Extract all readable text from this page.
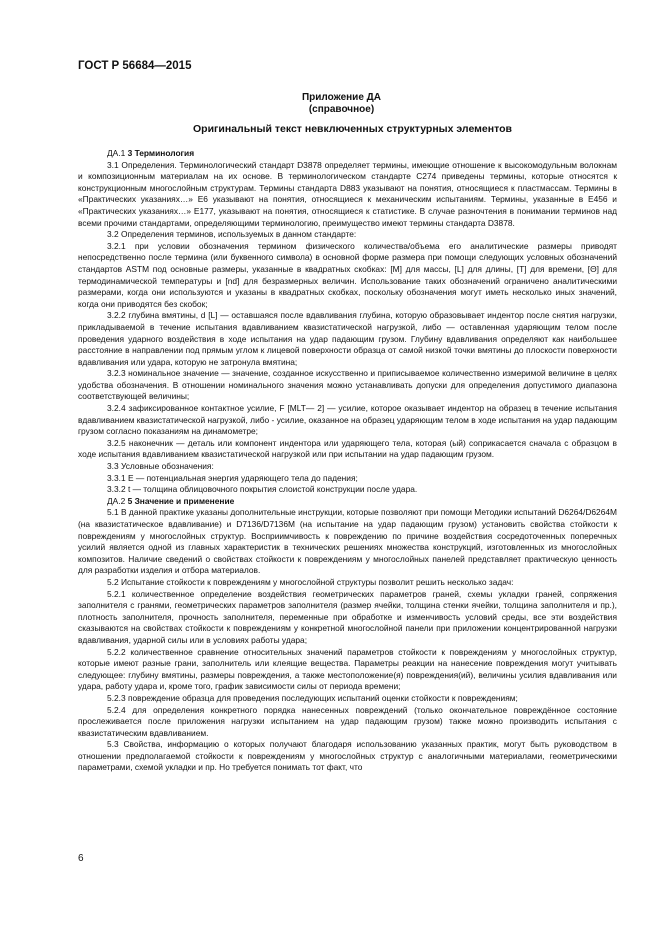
ГОСТ Р 56684—2015
Приложение ДА
(справочное)
Оригинальный текст невключенных структурных элементов

ДА.1 3 Терминология

3.1 Определения. Терминологический стандарт D3878 определяет термины, имеющие отношение к высокомодульным волокнам и композиционным материалам на их основе. В терминологическом стандарте C274 приведены термины, которые относятся к конструкционным многослойным структурам. Термины стандарта D883 указывают на понятия, относящиеся к пластмассам. Термины в «Практических указаниях…» E6 указывают на понятия, относящиеся к механическим испытаниям. Термины, указанные в E456 и «Практических указаниях…» E177, указывают на понятия, относящиеся к статистике. В случае разночтения в понимании терминов над всеми прочими стандартами, определяющими терминологию, преимущество имеют термины стандарта D3878.

3.2 Определения терминов, используемых в данном стандарте:

3.2.1 при условии обозначения термином физического количества/объема его аналитические размеры приводят непосредственно после термина (или буквенного символа) в основной форме размера при помощи следующих условных обозначений стандартов ASTM под основные размеры, указанные в квадратных скобках: [M] для массы, [L] для длины, [T] для времени, [Θ] для термодинамической температуры и [nd] для безразмерных величин. Использование таких обозначений ограничено аналитическими размерами, когда они используются и указаны в квадратных скобках, поскольку обозначения могут иметь несколько иных значений, когда они приводятся без скобок;

3.2.2 глубина вмятины, d [L] — оставшаяся после вдавливания глубина, которую образовывает индентор после снятия нагрузки, прикладываемой в течение испытания вдавливанием квазистатической нагрузкой, либо — оставленная ударяющим телом после проведения ударного воздействия в ходе испытания на удар падающим грузом. Глубину вдавливания определяют как наибольшее расстояние в направлении под прямым углом к лицевой поверхности образца от самой низкой точки вмятины до плоскости поверхности вдавливания или удара, которую не затронула вмятина;

3.2.3 номинальное значение — значение, созданное искусственно и приписываемое количественно измеримой величине в целях удобства обозначения. В отношении номинального значения можно устанавливать допуски для определения допустимого диапазона соответствующей величины;

3.2.4 зафиксированное контактное усилие, F [MLT— 2] — усилие, которое оказывает индентор на образец в течение испытания вдавливанием квазистатической нагрузкой, либо - усилие, оказанное на образец ударяющим телом в ходе испытания на удар падающим грузом согласно показаниям на динамометре;

3.2.5 наконечник — деталь или компонент индентора или ударяющего тела, которая (ый) соприкасается сначала с образцом в ходе испытания вдавливанием квазистатической нагрузкой или при испытании на удар падающим грузом.

3.3 Условные обозначения:

3.3.1 E — потенциальная энергия ударяющего тела до падения;

3.3.2 t — толщина облицовочного покрытия слоистой конструкции после удара.

ДА.2 5 Значение и применение

5.1 В данной практике указаны дополнительные инструкции, которые позволяют при помощи Методики испытаний D6264/D6264M (на квазистатическое вдавливание) и D7136/D7136M (на испытание на удар падающим грузом) установить свойства стойкости к повреждениям у многослойных структур. Восприимчивость к повреждению по причине воздействия сосредоточенных поперечных усилий является одной из главных характеристик в технических решениях множества конструкций, изготовленных из многослойных композитов. Наличие сведений о свойствах стойкости к повреждениям у многослойных панелей представляет практическую ценность для разработки изделия и отбора материалов.

5.2 Испытание стойкости к повреждениям у многослойной структуры позволит решить несколько задач:

5.2.1 количественное определение воздействия геометрических параметров граней, схемы укладки граней, сопряжения заполнителя с гранями, геометрических параметров заполнителя (размер ячейки, толщина стенки ячейки, толщина заполнителя и пр.), плотность заполнителя, прочность заполнителя, переменные при обработке и изменчивость условий среды, все эти воздействия сказываются на свойствах стойкости к повреждениям у конкретной многослойной панели при приложении концентрированной нагрузки вдавливания, ударной силы или в условиях работы удара;

5.2.2 количественное сравнение относительных значений параметров стойкости к повреждениям у многослойных структур, которые имеют разные грани, заполнитель или клеящие вещества. Параметры реакции на нанесение повреждения могут учитывать следующее: глубину вмятины, размеры повреждения, а также местоположение(я) повреждения(ий), величины усилия вдавливания или удара, работу удара и, кроме того, график зависимости силы от периода времени;

5.2.3 повреждение образца для проведения последующих испытаний оценки стойкости к повреждениям;

5.2.4 для определения конкретного порядка нанесенных повреждений (только окончательное повреждённое состояние прослеживается после приложения нагрузки испытанием на удар падающим грузом) также можно производить испытания с квазистатическим вдавливанием.

5.3 Свойства, информацию о которых получают благодаря использованию указанных практик, могут быть руководством в отношении предполагаемой стойкости к повреждениям у многослойных структур с аналогичными материалами, геометрическими параметрами, схемой укладки и пр. Но требуется понимать тот факт, что

6
